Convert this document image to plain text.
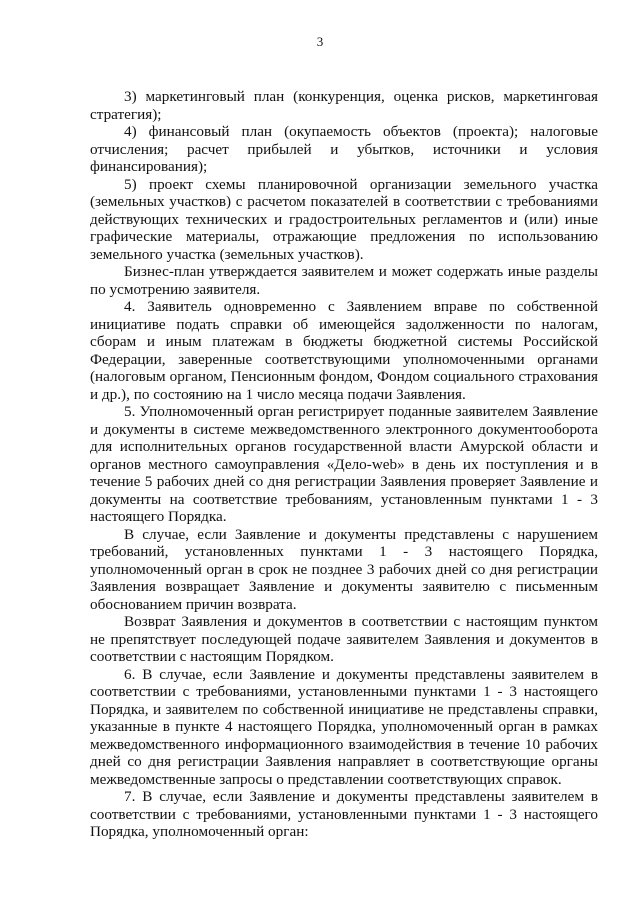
3

3) маркетинговый план (конкуренция, оценка рисков, маркетинговая стратегия);

4) финансовый план (окупаемость объектов (проекта); налоговые отчисления; расчет прибылей и убытков, источники и условия финансирования);

5) проект схемы планировочной организации земельного участка (земельных участков) с расчетом показателей в соответствии с требованиями действующих технических и градостроительных регламентов и (или) иные графические материалы, отражающие предложения по использованию земельного участка (земельных участков).

Бизнес-план утверждается заявителем и может содержать иные разделы по усмотрению заявителя.

4. Заявитель одновременно с Заявлением вправе по собственной инициативе подать справки об имеющейся задолженности по налогам, сборам и иным платежам в бюджеты бюджетной системы Российской Федерации, заверенные соответствующими уполномоченными органами (налоговым органом, Пенсионным фондом, Фондом социального страхования и др.), по состоянию на 1 число месяца подачи Заявления.

5. Уполномоченный орган регистрирует поданные заявителем Заявление и документы в системе межведомственного электронного документооборота для исполнительных органов государственной власти Амурской области и органов местного самоуправления «Дело-web» в день их поступления и в течение 5 рабочих дней со дня регистрации Заявления проверяет Заявление и документы на соответствие требованиям, установленным пунктами 1 - 3 настоящего Порядка.

В случае, если Заявление и документы представлены с нарушением требований, установленных пунктами 1 - 3 настоящего Порядка, уполномоченный орган в срок не позднее 3 рабочих дней со дня регистрации Заявления возвращает Заявление и документы заявителю с письменным обоснованием причин возврата.

Возврат Заявления и документов в соответствии с настоящим пунктом не препятствует последующей подаче заявителем Заявления и документов в соответствии с настоящим Порядком.

6. В случае, если Заявление и документы представлены заявителем в соответствии с требованиями, установленными пунктами 1 - 3 настоящего Порядка, и заявителем по собственной инициативе не представлены справки, указанные в пункте 4 настоящего Порядка, уполномоченный орган в рамках межведомственного информационного взаимодействия в течение 10 рабочих дней со дня регистрации Заявления направляет в соответствующие органы межведомственные запросы о представлении соответствующих справок.

7. В случае, если Заявление и документы представлены заявителем в соответствии с требованиями, установленными пунктами 1 - 3 настоящего Порядка, уполномоченный орган:
